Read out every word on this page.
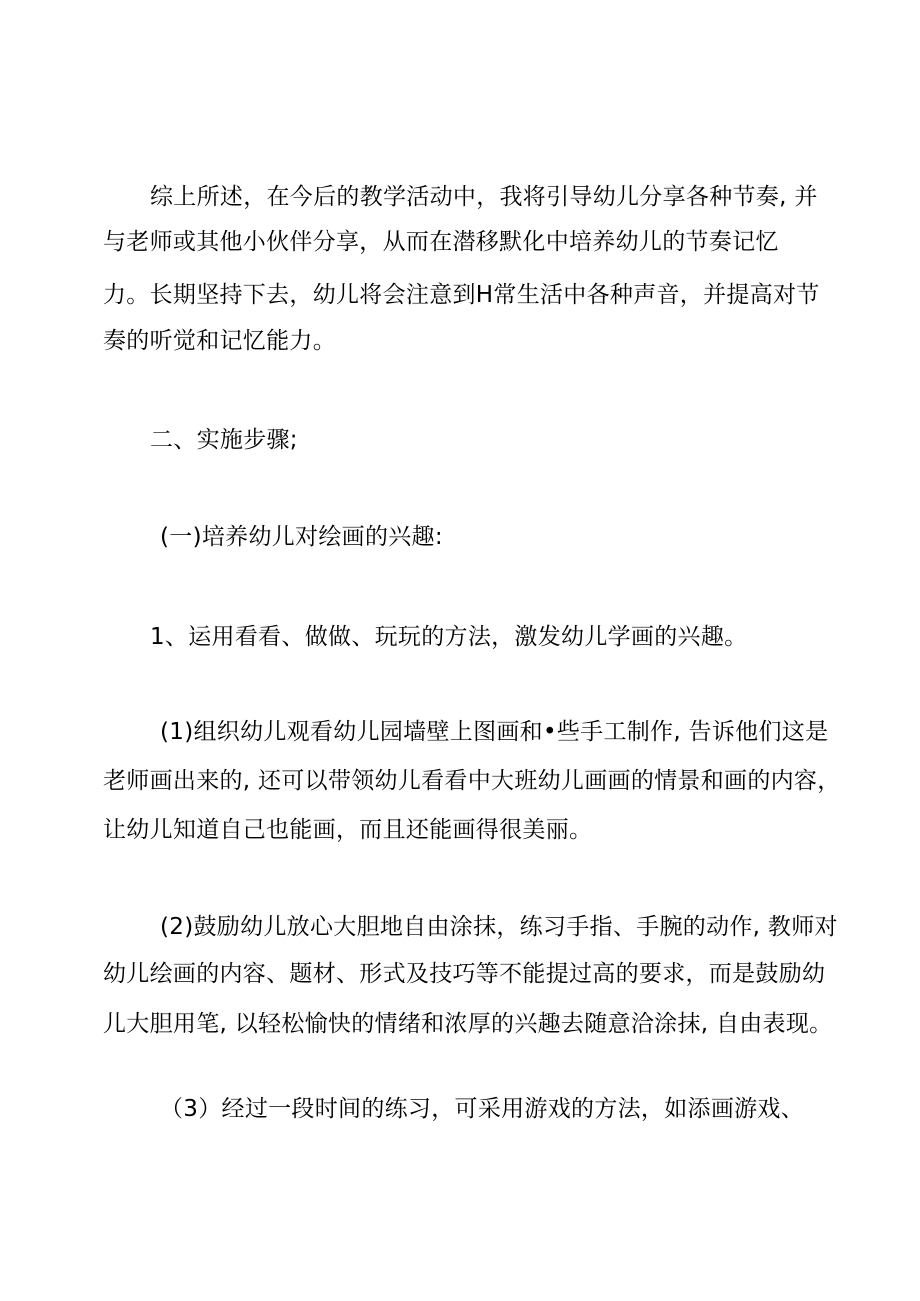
综上所述，在今后的教学活动中，我将引导幼儿分享各种节奏, 并
与老师或其他小伙伴分享，从而在潜移默化中培养幼儿的节奏记忆
力。长期坚持下去，幼儿将会注意到H常生活中各种声音，并提高对节
奏的听觉和记忆能力。
二、实施步骤;
(一)培养幼儿对绘画的兴趣:
1、运用看看、做做、玩玩的方法，激发幼儿学画的兴趣。
(1)组织幼儿观看幼儿园墙壁上图画和•些手工制作, 告诉他们这是
老师画出来的, 还可以带领幼儿看看中大班幼儿画画的情景和画的内容，
让幼儿知道自己也能画，而且还能画得很美丽。
(2)鼓励幼儿放心大胆地自由涂抹，练习手指、手腕的动作, 教师对
幼儿绘画的内容、题材、形式及技巧等不能提过高的要求，而是鼓励幼
儿大胆用笔, 以轻松愉快的情绪和浓厚的兴趣去随意洽涂抹, 自由表现。
（3）经过一段时间的练习，可采用游戏的方法，如添画游戏、
